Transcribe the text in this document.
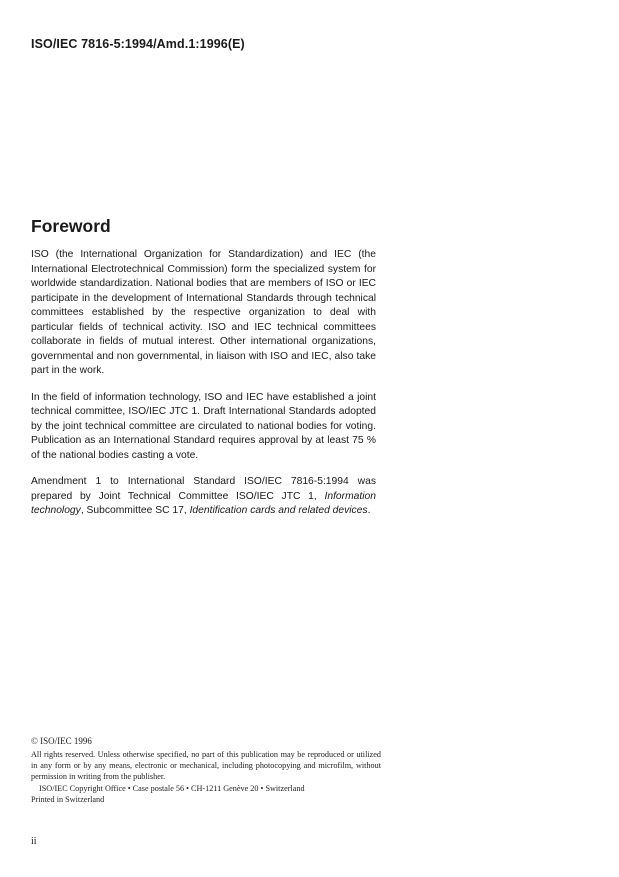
ISO/IEC 7816-5:1994/Amd.1:1996(E)
Foreword

ISO (the International Organization for Standardization) and IEC (the International Electrotechnical Commission) form the specialized system for worldwide standardization. National bodies that are members of ISO or IEC participate in the development of International Standards through technical committees established by the respective organization to deal with particular fields of technical activity. ISO and IEC technical committees collaborate in fields of mutual interest. Other international organizations, governmental and non governmental, in liaison with ISO and IEC, also take part in the work.

In the field of information technology, ISO and IEC have established a joint technical committee, ISO/IEC JTC 1. Draft International Standards adopted by the joint technical committee are circulated to national bodies for voting. Publication as an International Standard requires approval by at least 75 % of the national bodies casting a vote.

Amendment 1 to International Standard ISO/IEC 7816-5:1994 was prepared by Joint Technical Committee ISO/IEC JTC 1, Information technology, Subcommittee SC 17, Identification cards and related devices.

© ISO/IEC 1996
All rights reserved. Unless otherwise specified, no part of this publication may be reproduced or utilized in any form or by any means, electronic or mechanical, including photocopying and microfilm, without permission in writing from the publisher.
ISO/IEC Copyright Office • Case postale 56 • CH-1211 Genève 20 • Switzerland
Printed in Switzerland
ii
